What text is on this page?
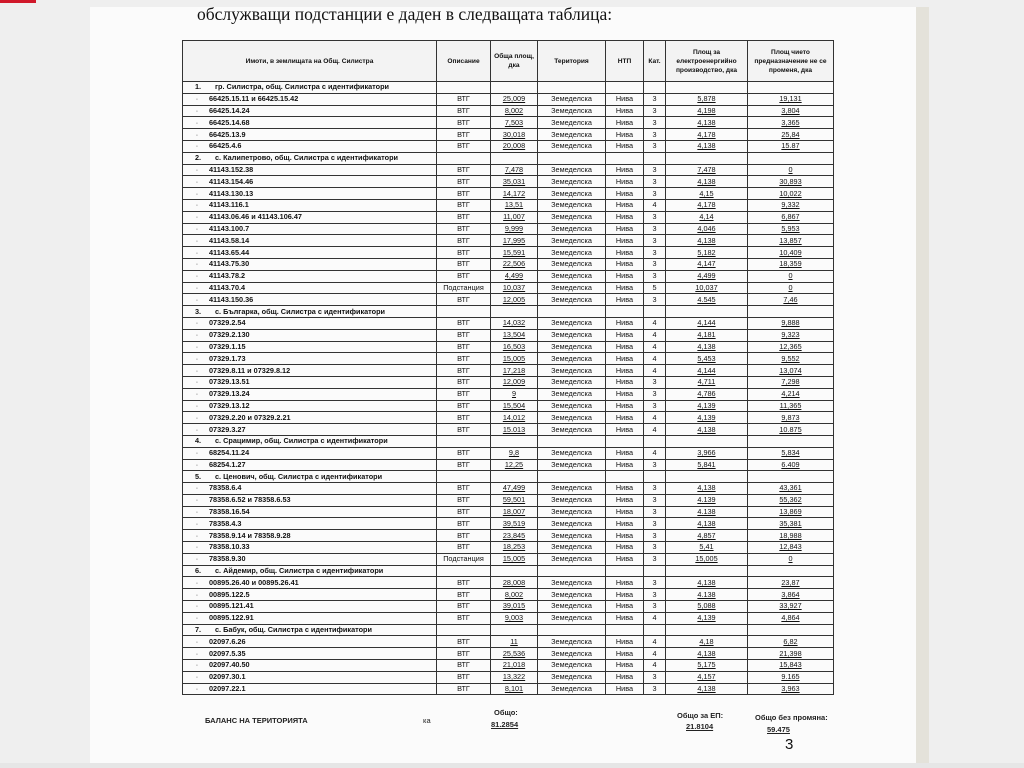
обслужващи подстанции е даден в следващата таблица:
Имоти, в землищата на Общ. Силистра	Описание	Обща площ, дка	Територия	НТП	Кат.	Площ за електроенергийно производство, дка	Площ чието предназначение не се променя, дка
1. гр. Силистра, общ. Силистра с идентификатори							
· 66425.15.11 и 66425.15.42	ВТГ	25,009	Земеделска	Нива	3	5,878	19,131
· 66425.14.24	ВТГ	8,002	Земеделска	Нива	3	4,198	3,804
· 66425.14.68	ВТГ	7,503	Земеделска	Нива	3	4,138	3,365
· 66425.13.9	ВТГ	30,018	Земеделска	Нива	3	4,178	25,84
· 66425.4.6	ВТГ	20,008	Земеделска	Нива	3	4,138	15.87
2. с. Калипетрово, общ. Силистра с идентификатори							
· 41143.152.38	ВТГ	7,478	Земеделска	Нива	3	7,478	0
· 41143.154.46	ВТГ	35,031	Земеделска	Нива	3	4,138	30,893
· 41143.130.13	ВТГ	14,172	Земеделска	Нива	3	4,15	10,022
· 41143.116.1	ВТГ	13,51	Земеделска	Нива	4	4,178	9,332
· 41143.06.46 и 41143.106.47	ВТГ	11,007	Земеделска	Нива	3	4,14	6,867
· 41143.100.7	ВТГ	9,999	Земеделска	Нива	3	4,046	5,953
· 41143.58.14	ВТГ	17,995	Земеделска	Нива	3	4,138	13,857
· 41143.65.44	ВТГ	15,591	Земеделска	Нива	3	5,182	10,409
· 41143.75.30	ВТГ	22,506	Земеделска	Нива	3	4,147	18,359
· 41143.78.2	ВТГ	4,499	Земеделска	Нива	3	4,499	0
· 41143.70.4	Подстанция	10,037	Земеделска	Нива	5	10,037	0
· 41143.150.36	ВТГ	12,005	Земеделска	Нива	3	4.545	7,46
3. с. Българка, общ. Силистра с идентификатори							
· 07329.2.54	ВТГ	14,032	Земеделска	Нива	4	4,144	9,888
· 07329.2.130	ВТГ	13,504	Земеделска	Нива	4	4,181	9,323
· 07329.1.15	ВТГ	16,503	Земеделска	Нива	4	4,138	12,365
· 07329.1.73	ВТГ	15,005	Земеделска	Нива	4	5,453	9,552
· 07329.8.11 и 07329.8.12	ВТГ	17,218	Земеделска	Нива	4	4,144	13,074
· 07329.13.51	ВТГ	12,009	Земеделска	Нива	3	4,711	7,298
· 07329.13.24	ВТГ	9	Земеделска	Нива	3	4,786	4,214
· 07329.13.12	ВТГ	15,504	Земеделска	Нива	3	4,139	11,365
· 07329.2.20 и 07329.2.21	ВТГ	14,012	Земеделска	Нива	4	4,139	9,873
· 07329.3.27	ВТГ	15.013	Земеделска	Нива	4	4,138	10.875
4. с. Срацимир, общ. Силистра с идентификатори							
· 68254.11.24	ВТГ	9,8	Земеделска	Нива	4	3,966	5,834
· 68254.1.27	ВТГ	12,25	Земеделска	Нива	3	5,841	6.409
5. с. Ценович, общ. Силистра с идентификатори							
· 78358.6.4	ВТГ	47,499	Земеделска	Нива	3	4,138	43,361
· 78358.6.52 и 78358.6.53	ВТГ	59,501	Земеделска	Нива	3	4.139	55,362
· 78358.16.54	ВТГ	18,007	Земеделска	Нива	3	4.138	13,869
· 78358.4.3	ВТГ	39,519	Земеделска	Нива	3	4,138	35,381
· 78358.9.14 и 78358.9.28	ВТГ	23,845	Земеделска	Нива	3	4,857	18,988
· 78358.10.33	ВТГ	18,253	Земеделска	Нива	3	5,41	12,843
· 78358.9.30	Подстанция	15,005	Земеделска	Нива	3	15,005	0
6. с. Айдемир, общ. Силистра с идентификатори							
· 00895.26.40 и 00895.26.41	ВТГ	28,008	Земеделска	Нива	3	4,138	23,87
· 00895.122.5	ВТГ	8,002	Земеделска	Нива	3	4.138	3,864
· 00895.121.41	ВТГ	39,015	Земеделска	Нива	3	5,088	33,927
· 00895.122.91	ВТГ	9,003	Земеделска	Нива	4	4,139	4,864
7. с. Бабук, общ. Силистра с идентификатори							
· 02097.6.26	ВТГ	11	Земеделска	Нива	4	4,18	6,82
· 02097.5.35	ВТГ	25,536	Земеделска	Нива	4	4,138	21,398
· 02097.40.50	ВТГ	21,018	Земеделска	Нива	4	5,175	15,843
· 02097.30.1	ВТГ	13,322	Земеделска	Нива	3	4,157	9.165
· 02097.22.1	ВТГ	8,101	Земеделска	Нива	3	4,138	3,963
БАЛАНС НА ТЕРИТОРИЯТА	ка
Общо:
81.2854
Общо за ЕП:
21.8104
Общо без промяна:
59.475
3
